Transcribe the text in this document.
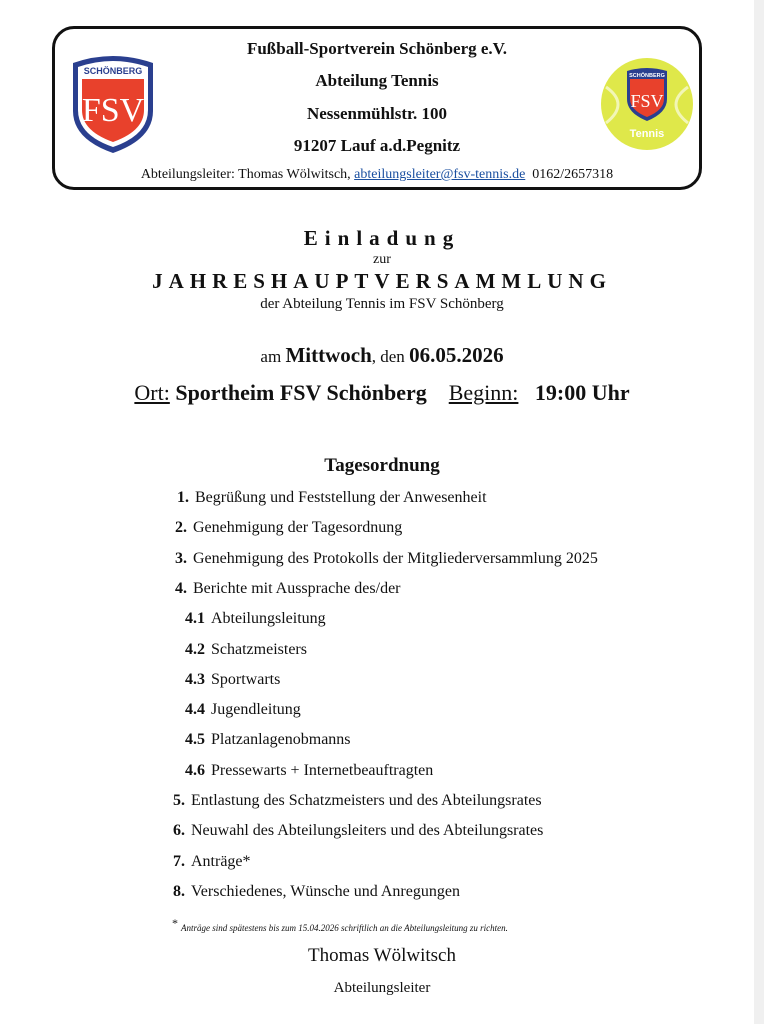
SCHÖNBERG
FSV
Fußball-Sportverein Schönberg e.V.
Abteilung Tennis
Nessenmühlstr. 100
91207 Lauf a.d.Pegnitz
Abteilungsleiter: Thomas Wölwitsch, abteilungsleiter@fsv-tennis.de 0162/2657318
SCHÖNBERG
FSV
Tennis
Einladung
zur
JAHRESHAUPTVERSAMMLUNG
der Abteilung Tennis im FSV Schönberg
am Mittwoch, den 06.05.2026
Ort: Sportheim FSV Schönberg Beginn: 19:00 Uhr
Tagesordnung
1. Begrüßung und Feststellung der Anwesenheit
2. Genehmigung der Tagesordnung
3. Genehmigung des Protokolls der Mitgliederversammlung 2025
4. Berichte mit Aussprache des/der
4.1 Abteilungsleitung
4.2 Schatzmeisters
4.3 Sportwarts
4.4 Jugendleitung
4.5 Platzanlagenobmanns
4.6 Pressewarts + Internetbeauftragten
5. Entlastung des Schatzmeisters und des Abteilungsrates
6. Neuwahl des Abteilungsleiters und des Abteilungsrates
7. Anträge*
8. Verschiedenes, Wünsche und Anregungen
* Anträge sind spätestens bis zum 15.04.2026 schriftlich an die Abteilungsleitung zu richten.
Thomas Wölwitsch
Abteilungsleiter
